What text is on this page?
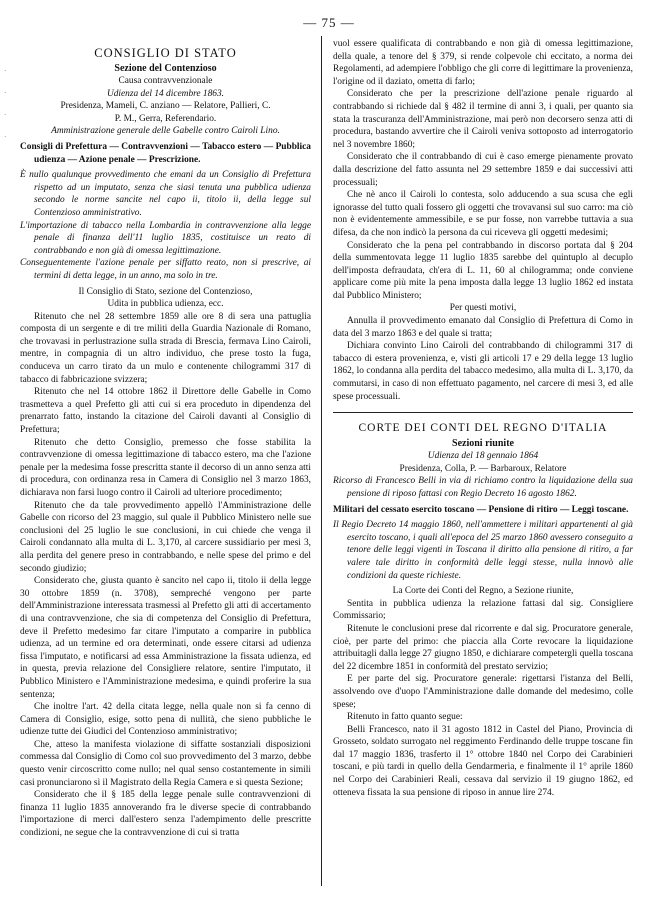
— 75 —
·
·
·
·
CONSIGLIO DI STATO
Sezione del Contenzioso
Causa contravvenzionale
Udienza del 14 dicembre 1863.
Presidenza, Mameli, C. anziano — Relatore, Pallieri, C.
P. M., Gerra, Referendario.
Amministrazione generale delle Gabelle contro Cairoli Lino.
Consigli di Prefettura — Contravvenzioni — Tabacco estero — Pubblica udienza — Azione penale — Prescrizione.
È nullo qualunque provvedimento che emani da un Consiglio di Prefettura rispetto ad un imputato, senza che siasi tenuta una pubblica udienza secondo le norme sancite nel capo ii, titolo ii, della legge sul Contenzioso amministrativo.
L'importazione di tabacco nella Lombardia in contravvenzione alla legge penale di finanza dell'11 luglio 1835, costituisce un reato di contrabbando e non già di omessa legittimazione.
Conseguentemente l'azione penale per siffatto reato, non si prescrive, ai termini di detta legge, in un anno, ma solo in tre.
Il Consiglio di Stato, sezione del Contenzioso,
Udita in pubblica udienza, ecc.

Ritenuto che nel 28 settembre 1859 alle ore 8 di sera una pattuglia composta di un sergente e di tre militi della Guardia Nazionale di Romano, che trovavasi in perlustrazione sulla strada di Brescia, fermava Lino Cairoli, mentre, in compagnia di un altro individuo, che prese tosto la fuga, conduceva un carro tirato da un mulo e contenente chilogrammi 317 di tabacco di fabbricazione svizzera;

Ritenuto che nel 14 ottobre 1862 il Direttore delle Gabelle in Como trasmetteva a quel Prefetto gli atti cui si era proceduto in dipendenza del prenarrato fatto, instando la citazione del Cairoli davanti al Consiglio di Prefettura;

Ritenuto che detto Consiglio, premesso che fosse stabilita la contravvenzione di omessa legittimazione di tabacco estero, ma che l'azione penale per la medesima fosse prescritta stante il decorso di un anno senza atti di procedura, con ordinanza resa in Camera di Consiglio nel 3 marzo 1863, dichiarava non farsi luogo contro il Cairoli ad ulteriore procedimento;

Ritenuto che da tale provvedimento appellò l'Amministrazione delle Gabelle con ricorso del 23 maggio, sul quale il Pubblico Ministero nelle sue conclusioni del 25 luglio le sue conclusioni, in cui chiede che venga il Cairoli condannato alla multa di L. 3,170, al carcere sussidiario per mesi 3, alla perdita del genere preso in contrabbando, e nelle spese del primo e del secondo giudizio;

Considerato che, giusta quanto è sancito nel capo ii, titolo ii della legge 30 ottobre 1859 (n. 3708), sempreché vengono per parte dell'Amministrazione interessata trasmessi al Prefetto gli atti di accertamento di una contravvenzione, che sia di competenza del Consiglio di Prefettura, deve il Prefetto medesimo far citare l'imputato a comparire in pubblica udienza, ad un termine ed ora determinati, onde essere citarsi ad udienza fissa l'imputato, e notificarsi ad essa Amministrazione la fissata udienza, ed in questa, previa relazione del Consigliere relatore, sentire l'imputato, il Pubblico Ministero e l'Amministrazione medesima, e quindi proferire la sua sentenza;

Che inoltre l'art. 42 della citata legge, nella quale non si fa cenno di Camera di Consiglio, esige, sotto pena di nullità, che sieno pubbliche le udienze tutte dei Giudici del Contenzioso amministrativo;

Che, atteso la manifesta violazione di siffatte sostanziali disposizioni commessa dal Consiglio di Como col suo provvedimento del 3 marzo, debbe questo venir circoscritto come nullo; nel qual senso costantemente in simili casi pronunciarono sì il Magistrato della Regia Camera e sì questa Sezione;

Considerato che il § 185 della legge penale sulle contravvenzioni di finanza 11 luglio 1835 annoverando fra le diverse specie di contrabbando l'importazione di merci dall'estero senza l'adempimento delle prescritte condizioni, ne segue che la contravvenzione di cui si tratta

vuol essere qualificata di contrabbando e non già di omessa legittimazione, della quale, a tenore del § 379, si rende colpevole chi eccitato, a norma dei Regolamenti, ad adempiere l'obbligo che gli corre di legittimare la provenienza, l'origine od il daziato, ometta di farlo;

Considerato che per la prescrizione dell'azione penale riguardo al contrabbando si richiede dal § 482 il termine di anni 3, i quali, per quanto sia stata la trascuranza dell'Amministrazione, mai però non decorsero senza atti di procedura, bastando avvertire che il Cairoli veniva sottoposto ad interrogatorio nel 3 novembre 1860;

Considerato che il contrabbando di cui è caso emerge pienamente provato dalla descrizione del fatto assunta nel 29 settembre 1859 e dai successivi atti processuali;

Che nè anco il Cairoli lo contesta, solo adducendo a sua scusa che egli ignorasse del tutto quali fossero gli oggetti che trovavansi sul suo carro: ma ciò non è evidentemente ammessibile, e se pur fosse, non varrebbe tuttavia a sua difesa, da che non indicò la persona da cui riceveva gli oggetti medesimi;

Considerato che la pena pel contrabbando in discorso portata dal § 204 della summentovata legge 11 luglio 1835 sarebbe del quintuplo al decuplo dell'imposta defraudata, ch'era di L. 11, 60 al chilogramma; onde conviene applicare come più mite la pena imposta dalla legge 13 luglio 1862 ed instata dal Pubblico Ministero;

Per questi motivi,

Annulla il provvedimento emanato dal Consiglio di Prefettura di Como in data del 3 marzo 1863 e del quale si tratta;

Dichiara convinto Lino Cairoli del contrabbando di chilogrammi 317 di tabacco di estera provenienza, e, visti gli articoli 17 e 29 della legge 13 luglio 1862, lo condanna alla perdita del tabacco medesimo, alla multa di L. 3,170, da commutarsi, in caso di non effettuato pagamento, nel carcere di mesi 3, ed alle spese processuali.

CORTE DEI CONTI DEL REGNO D'ITALIA
Sezioni riunite
Udienza del 18 gennaio 1864
Presidenza, Colla, P. — Barbaroux, Relatore
Ricorso di Francesco Belli in via di richiamo contro la liquidazione della sua pensione di riposo fattasi con Regio Decreto 16 agosto 1862.
Militari del cessato esercito toscano — Pensione di ritiro — Leggi toscane.
Il Regio Decreto 14 maggio 1860, nell'ammettere i militari appartenenti al già esercito toscano, i quali all'epoca del 25 marzo 1860 avessero conseguito a tenore delle leggi vigenti in Toscana il diritto alla pensione di ritiro, a far valere tale diritto in conformità delle leggi stesse, nulla innovò alle condizioni da queste richieste.
La Corte dei Conti del Regno, a Sezione riunite,

Sentita in pubblica udienza la relazione fattasi dal sig. Consigliere Commissario;

Ritenute le conclusioni prese dal ricorrente e dal sig. Procuratore generale, cioè, per parte del primo: che piaccia alla Corte revocare la liquidazione attribuitagli dalla legge 27 giugno 1850, e dichiarare competergli quella toscana del 22 dicembre 1851 in conformità del prestato servizio;

E per parte del sig. Procuratore generale: rigettarsi l'istanza del Belli, assolvendo ove d'uopo l'Amministrazione dalle domande del medesimo, colle spese;

Ritenuto in fatto quanto segue:

Belli Francesco, nato il 31 agosto 1812 in Castel del Piano, Provincia di Grosseto, soldato surrogato nel reggimento Ferdinando delle truppe toscane fin dal 17 maggio 1836, trasferto il 1° ottobre 1840 nel Corpo dei Carabinieri toscani, e più tardi in quello della Gendarmeria, e finalmente il 1° aprile 1860 nel Corpo dei Carabinieri Reali, cessava dal servizio il 19 giugno 1862, ed otteneva fissata la sua pensione di riposo in annue lire 274.
